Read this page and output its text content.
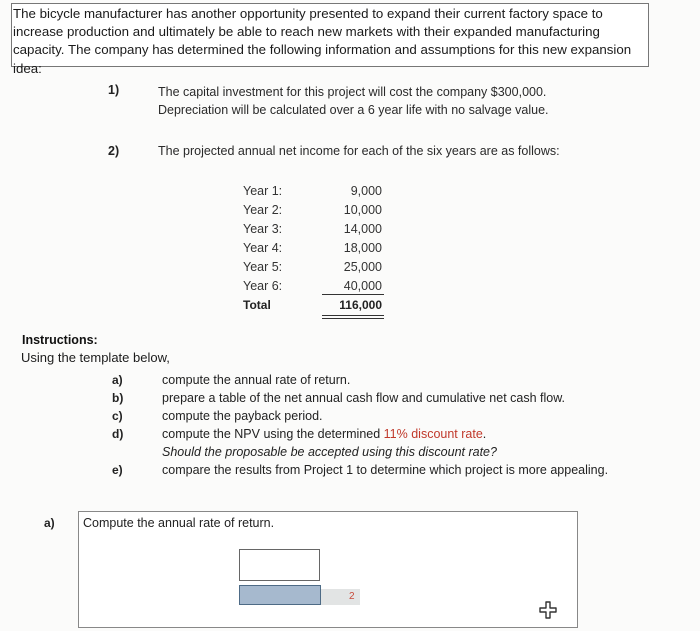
The bicycle manufacturer has another opportunity presented to expand their current factory space to
increase production and ultimately be able to reach new markets with their expanded manufacturing
capacity. The company has determined the following information and assumptions for this new expansion
idea:
1)	The capital investment for this project will cost the company $300,000.
Depreciation will be calculated over a 6 year life with no salvage value.
2)	The projected annual net income for each of the six years are as follows:
Year 1:	9,000
Year 2:	10,000
Year 3:	14,000
Year 4:	18,000
Year 5:	25,000
Year 6:	40,000
Total	116,000
Instructions:
Using the template below,
a)	compute the annual rate of return.
b)	prepare a table of the net annual cash flow and cumulative net cash flow.
c)	compute the payback period.
d)	compute the NPV using the determined 11% discount rate.
Should the proposable be accepted using this discount rate?
e)	compare the results from Project 1 to determine which project is more appealing.
a) Compute the annual rate of return.
2
